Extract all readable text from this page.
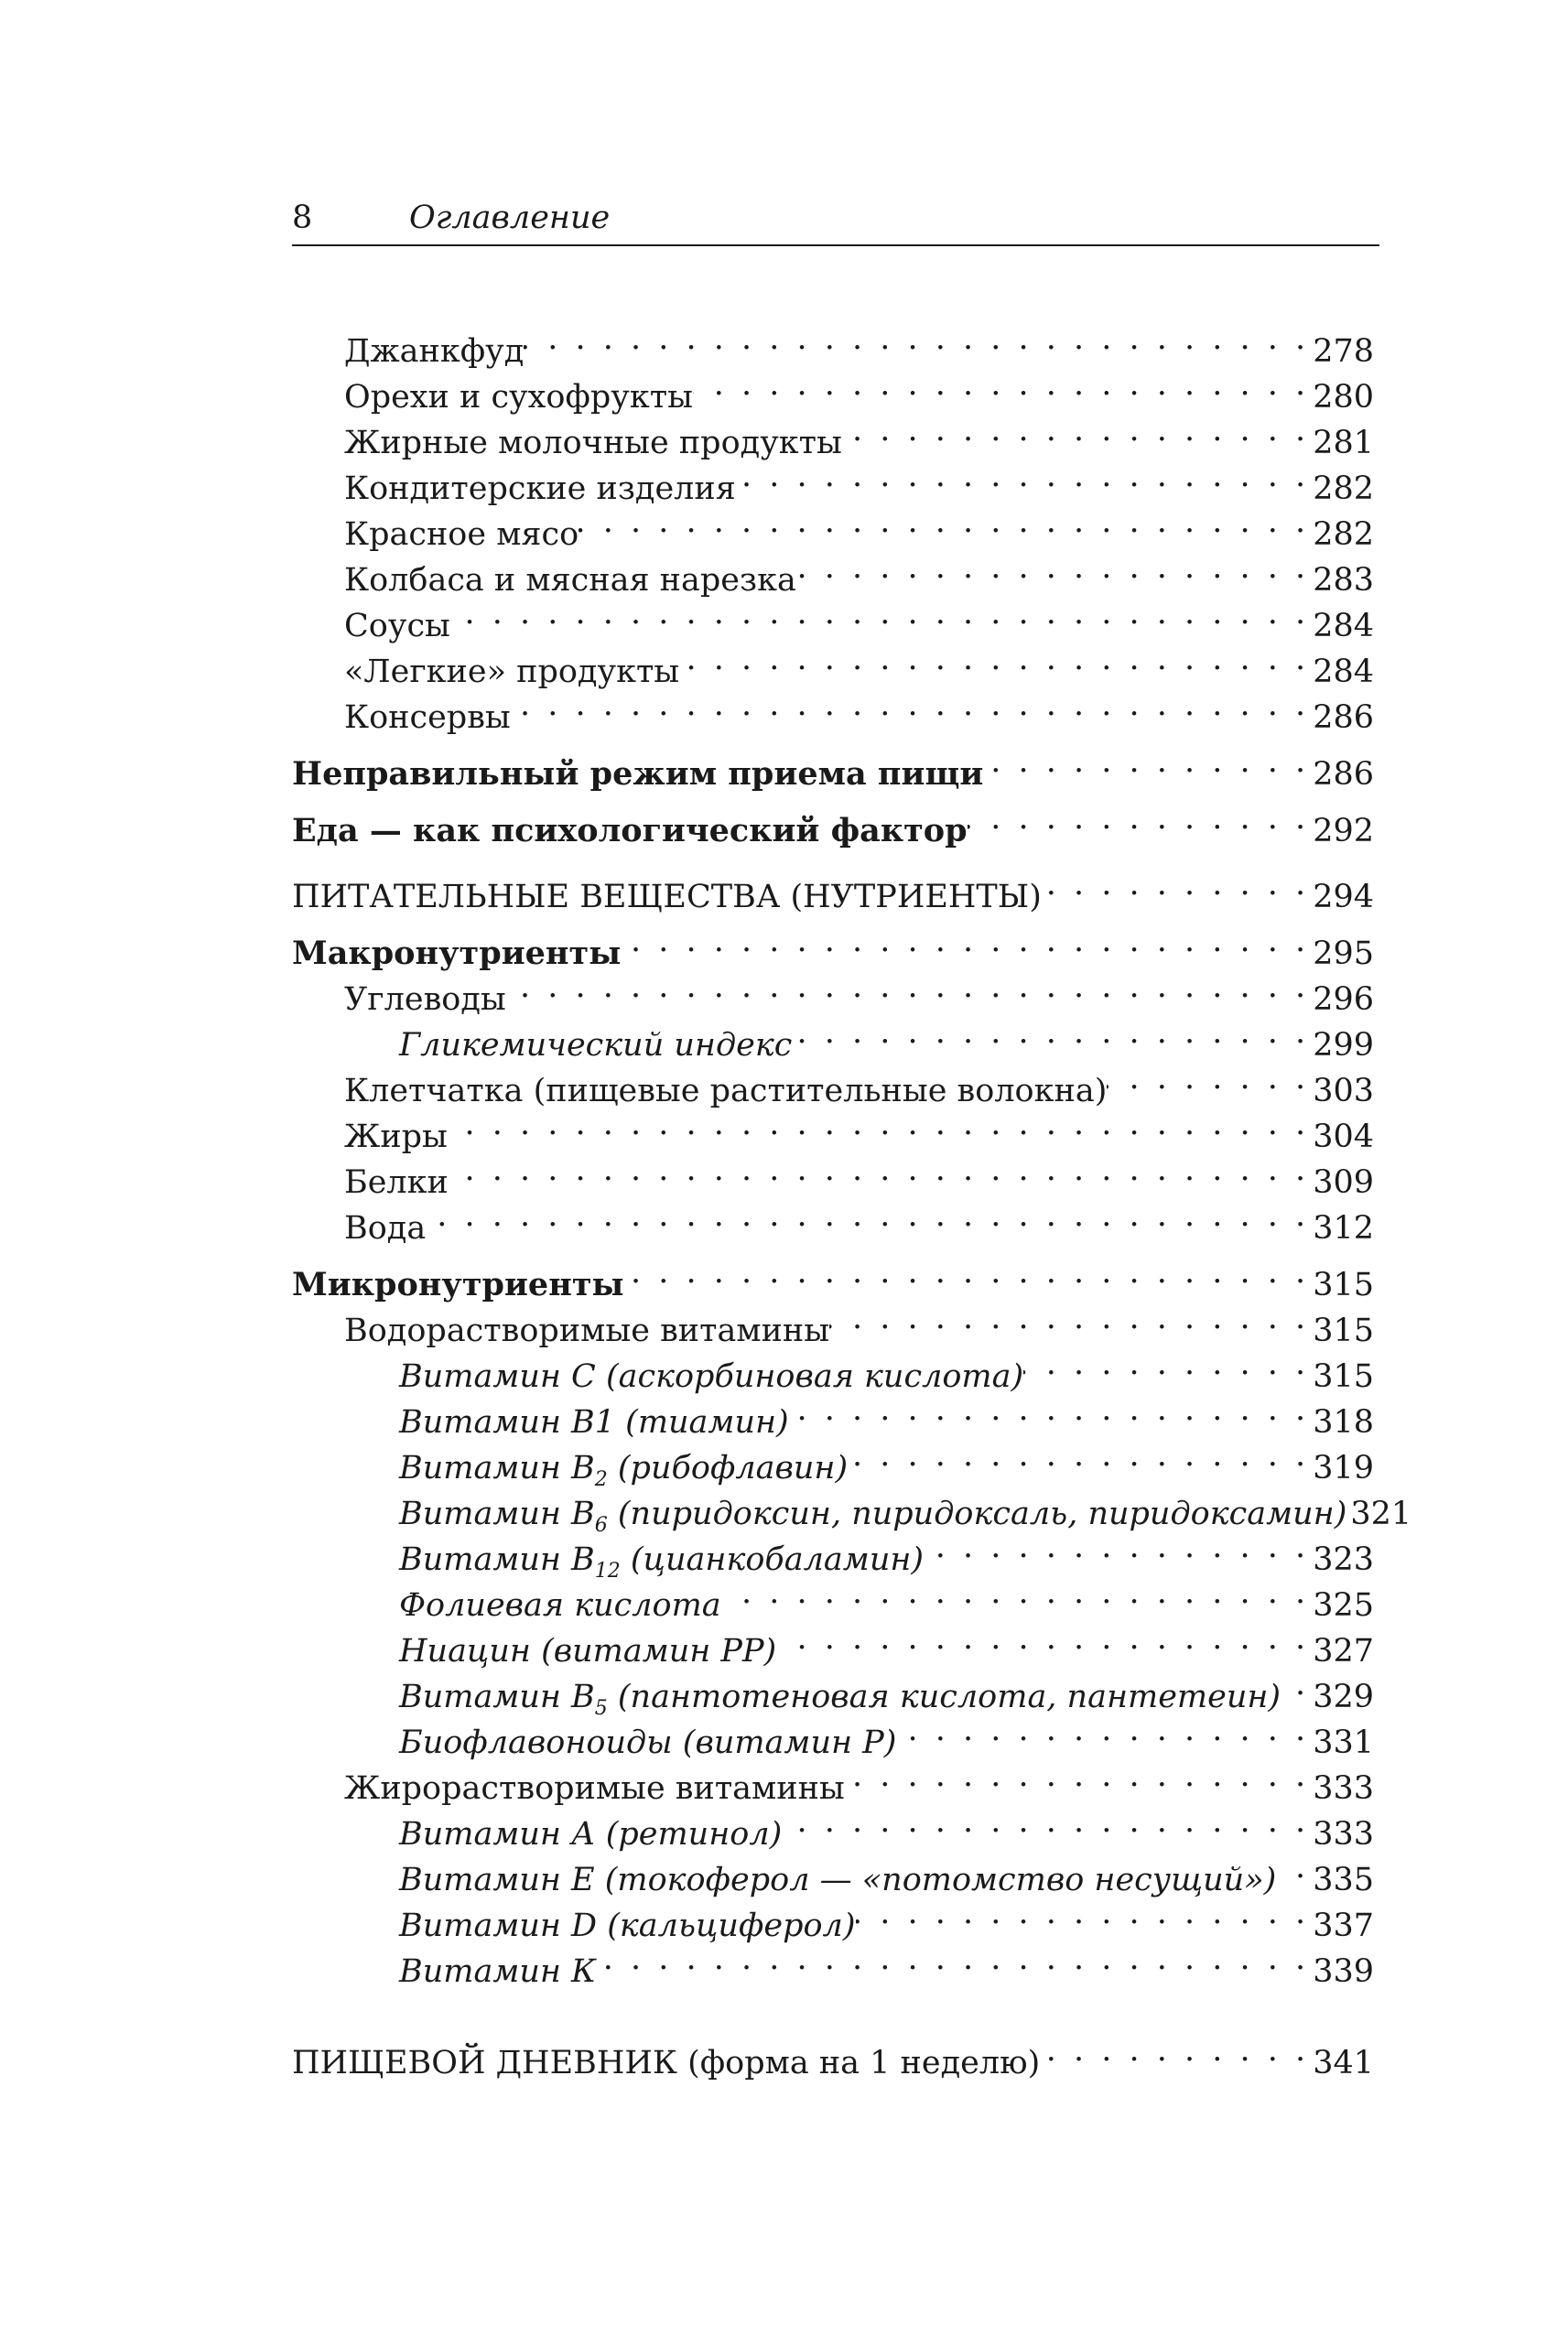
8	Оглавление
Джанкфуд . . .	278
Орехи и сухофрукты . . .	280
Жирные молочные продукты . . .	281
Кондитерские изделия . . .	282
Красное мясо . . .	282
Колбаса и мясная нарезка . . .	283
Соусы . . .	284
«Легкие» продукты . . .	284
Консервы . . .	286
Неправильный режим приема пищи . . .	286
Еда — как психологический фактор . . .	292
ПИТАТЕЛЬНЫЕ ВЕЩЕСТВА (НУТРИЕНТЫ) . . .	294
Макронутриенты . . .	295
Углеводы . . .	296
Гликемический индекс . . .	299
Клетчатка (пищевые растительные волокна) . . .	303
Жиры . . .	304
Белки . . .	309
Вода . . .	312
Микронутриенты . . .	315
Водорастворимые витамины . . .	315
Витамин С (аскорбиновая кислота) . . .	315
Витамин В1 (тиамин) . . .	318
Витамин $В_2$ (рибофлавин) . . .	319
Витамин $В_6$ (пиридоксин, пиридоксаль, пиридоксамин) 321
Витамин $В_{12}$ (цианкобаламин) . . .	323
Фолиевая кислота . . .	325
Ниацин (витамин РР) . . .	327
Витамин $В_5$ (пантотеновая кислота, пантетеин) . . . 329
Биофлавоноиды (витамин Р) . . .	331
Жирорастворимые витамины . . .	333
Витамин А (ретинол) . . .	333
Витамин Е (токоферол — «потомство несущий») . . . 335
Витамин D (кальциферол) . . .	337
Витамин К . . .	339
ПИЩЕВОЙ ДНЕВНИК (форма на 1 неделю) . . .	341
